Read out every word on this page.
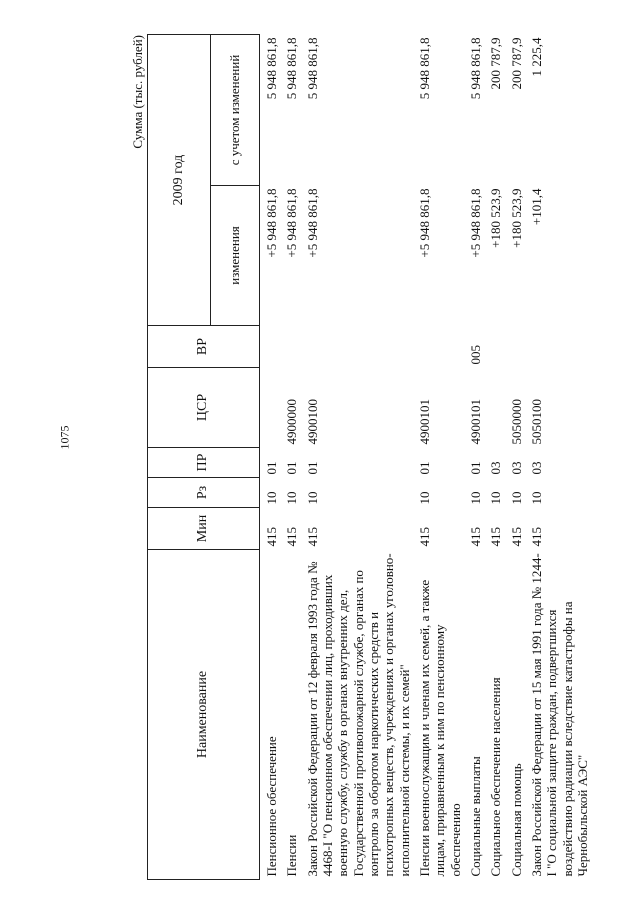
1075
Сумма (тыс. рублей)
Наименование	Мин	Рз	ПР	ЦСР	ВР	2009 год	

						изменения	с учетом изменений
Пенсионное обеспечение	415	10	01			+5 948 861,8	5 948 861,8
Пенсии	415	10	01	4900000		+5 948 861,8	5 948 861,8
Закон Российской Федерации от 12 февраля 1993 года № 4468-I "О пенсионном обеспечении лиц, проходивших военную службу, службу в органах внутренних дел, Государственной противопожарной службе, органах по контролю за оборотом наркотических средств и психотропных веществ, учреждениях и органах уголовно-исполнительной системы, и их семей"	415	10	01	4900100		+5 948 861,8	5 948 861,8
Пенсии военнослужащим и членам их семей, а также лицам, приравненным к ним по пенсионному обеспечению	415	10	01	4900101		+5 948 861,8	5 948 861,8
Социальные выплаты	415	10	01	4900101	005	+5 948 861,8	5 948 861,8
Социальное обеспечение населения	415	10	03			+180 523,9	200 787,9
Социальная помощь	415	10	03	5050000		+180 523,9	200 787,9
Закон Российской Федерации от 15 мая 1991 года № 1244-I "О социальной защите граждан, подвергшихся воздействию радиации вследствие катастрофы на Чернобыльской АЭС"	415	10	03	5050100		+101,4	1 225,4
